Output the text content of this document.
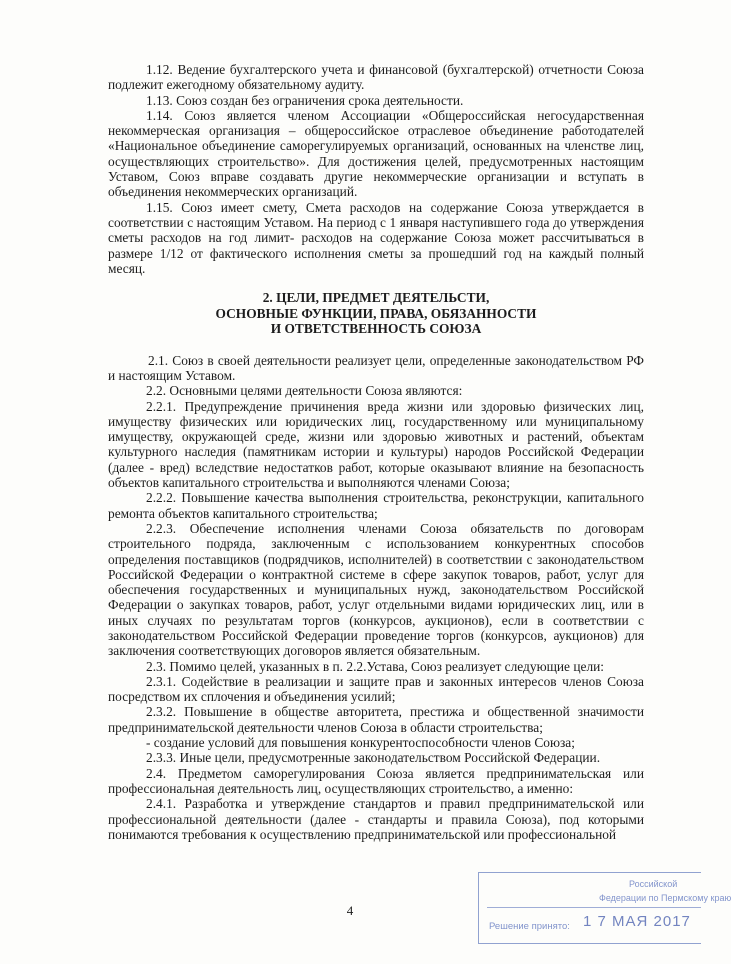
1.12. Ведение бухгалтерского учета и финансовой (бухгалтерской) отчетности Союза подлежит ежегодному обязательному аудиту.

1.13. Союз создан без ограничения срока деятельности.

1.14. Союз является членом Ассоциации «Общероссийская негосударственная некоммерческая организация – общероссийское отраслевое объединение работодателей «Национальное объединение саморегулируемых организаций, основанных на членстве лиц, осуществляющих строительство». Для достижения целей, предусмотренных настоящим Уставом, Союз вправе создавать другие некоммерческие организации и вступать в объединения некоммерческих организаций.

1.15. Союз имеет смету, Смета расходов на содержание Союза утверждается в соответствии с настоящим Уставом. На период с 1 января наступившего года до утверждения сметы расходов на год лимит- расходов на содержание Союза может рассчитываться в размере 1/12 от фактического исполнения сметы за прошедший год на каждый полный месяц.

2. ЦЕЛИ, ПРЕДМЕТ ДЕЯТЕЛЬСТИ,
ОСНОВНЫЕ ФУНКЦИИ, ПРАВА, ОБЯЗАННОСТИ
И ОТВЕТСТВЕННОСТЬ СОЮЗА

2.1. Союз в своей деятельности реализует цели, определенные законодательством РФ и настоящим Уставом.

2.2. Основными целями деятельности Союза являются:

2.2.1. Предупреждение причинения вреда жизни или здоровью физических лиц, имуществу физических или юридических лиц, государственному или муниципальному имуществу, окружающей среде, жизни или здоровью животных и растений, объектам культурного наследия (памятникам истории и культуры) народов Российской Федерации (далее - вред) вследствие недостатков работ, которые оказывают влияние на безопасность объектов капитального строительства и выполняются членами Союза;

2.2.2. Повышение качества выполнения строительства, реконструкции, капитального ремонта объектов капитального строительства;

2.2.3. Обеспечение исполнения членами Союза обязательств по договорам строительного подряда, заключенным с использованием конкурентных способов определения поставщиков (подрядчиков, исполнителей) в соответствии с законодательством Российской Федерации о контрактной системе в сфере закупок товаров, работ, услуг для обеспечения государственных и муниципальных нужд, законодательством Российской Федерации о закупках товаров, работ, услуг отдельными видами юридических лиц, или в иных случаях по результатам торгов (конкурсов, аукционов), если в соответствии с законодательством Российской Федерации проведение торгов (конкурсов, аукционов) для заключения соответствующих договоров является обязательным.

2.3. Помимо целей, указанных в п. 2.2.Устава, Союз реализует следующие цели:

2.3.1. Содействие в реализации и защите прав и законных интересов членов Союза посредством их сплочения и объединения усилий;

2.3.2. Повышение в обществе авторитета, престижа и общественной значимости предпринимательской деятельности членов Союза в области строительства;

- создание условий для повышения конкурентоспособности членов Союза;

2.3.3. Иные цели, предусмотренные законодательством Российской Федерации.

2.4. Предметом саморегулирования Союза является предпринимательская или профессиональная деятельность лиц, осуществляющих строительство, а именно:

2.4.1. Разработка и утверждение стандартов и правил предпринимательской или профессиональной деятельности (далее - стандарты и правила Союза), под которыми понимаются требования к осуществлению предпринимательской или профессиональной

4
Российской
Федерации по Пермскому краю
Решение принято: 1 7 МАЯ 2017
